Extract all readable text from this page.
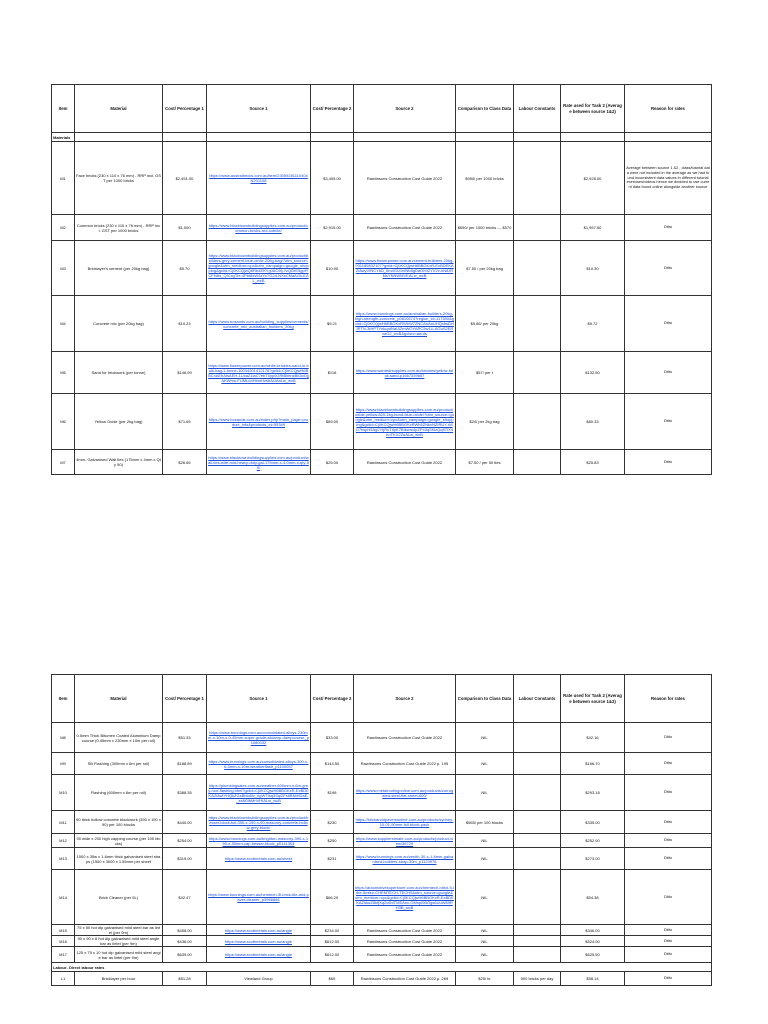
Item	Material	Cost/ Percentage 1	Source 1	Cost/ Percentage 2	Source 2	Comparison to Class Data	Labour Constants	Rate used for Task 2 (Average between source 1&2)	Reason for rates
Materials									
M1	Face bricks (230 x 110 x 76 mm) - RRP incl. GST per 1000 bricks	$2,451.00	https://www.australbricks.com.au/item/23059281110404N201108	$3,405.00	Rawlinsons Construction Cost Guide 2022	$950/ per 1000 bricks		$2,928.00	Average between source 1 &2 , class/tutorial data were not included in the average as we had found inconsistent data values in different tutorial exercises/videos hence we decided to use current data found online alongside another source
M2	Common bricks (230 x 110 x 76 mm) - RRP incl. GST per 1000 bricks	$1,000	https://www.blacktownbuildingsupplies.com.au/product/common-bricks-red-cobble/	$2,915.00	Rawlinsons Construction Cost Guide 2022	$650/ per 1000 bricks --- $570		$1,957.50	Ditto
M3	Bricklayer's cement (per 20kg bag)	$9.70	https://www.blacktownbuildingsupplies.com.au/product/builders-grey-cement-blue-circle-20kg-bag/?utm_source=google&utm_medium=cpc&utm_campaign=google_shopping&gclid=Cj0KCQjwQ6Rb4EKYgJAC9fj-7zQDrE5gpfYCFNAs_QICxgTIe-4Pbt8xW4zYc7G2d-NXsCMaAGk-EAL_wcB	$10.90	https://www.flowerpower.com.au/cement-builders-20kg-931180802107?gclid=Cj0KCQjwH6BBGKxR-EcBDEKAZiAwyVfNCYbD_6m4GU1nfNtdIgDaOh9ZYV2v-nN8JRMsYNNWMVEALw_wcB	$7.50 / per 20kg bag		$10.30	Ditto
M4	Concrete mix (per 20kg bag)	$10.23	https://www.bosands.com.au/building_supplies/cements/concrete_mix_australian_builders_20kg	$9.21	https://www.bunnings.com.au/australian-builders-20kg-high-strength-concrete_p0610674?region_id=117690&gclid=Cj0KCQjwH6BBGKxRWhW7ZNCAhAnUHQxbsDHJRTN-3tHPTYnkqotNaUlZmWOYARC5w1U-AGuS2ERvaO2_wcB&gclsrc=aw.ds	$5.86/ per 20kg		$9.72	Ditto
M5	Sand for brickwork (per tonne)	$146.99	https://www.flowerpower.com.au/white-brickies-sand-in-bulk-bag-1-tonne-10034201412178?gclid=Cj0KCQjwH6BBCxAEhAIsAEH-1UxaZ1iaC7ebT0yp0GRtBlmnkBiGicDjjAKWmu-FUMLd4HbmHzsbAUAaLw_wcB	$118	https://www.wantedrsupplies.com.au/brickies/yellow-brick-sand-p1667339687	$57/ per t		$132.50	Ditto
M6	Yellow Oxide (per 2kg bag)	$71.65	https://www.bosands.com.au/index.php?main_page=product_info&products_id=55349	$89.00	https://www.blacktownbuildingsupplies.com.au/product/oxide-yellow-820-1kg-bond-blue-oxide/?utm_source=google&utm_medium=cpc&utm_campaign=google_shopping&gclid=Cj0KCQjwH6BBGKxRWh5ZNkvNZIRUY-rMG7fwpH5Ag2YtjRuT6yK7Btkwm4pZP43qSf0zQq8TIX9hoTKX2ZoALw_wcB	$24/ per 2kg bag		$80.33	Ditto
M7	4mm- Galvanised Wall ties (175mm x 4mm x Qty 50)	$26.65	https://www.blacktownbuildingsupplies.com.au/product/wall-ties-wire-mid-heavy-duty-gal-175mm-x-4-0mm-x-qty-50/	$25.00	Rawlinsons Construction Cost Guide 2022	$7.50 / per 50 ties		$25.83	Ditto
Item	Material	Cost/ Percentage 1	Source 1	Cost/ Percentage 2	Source 2	Comparison to Class Data	Labour Constants	Rate used for Task 2 (Average between source 1&2)	Reason for rates
M8	0.5mm Thick Bitumen Coated Aluminium Dampcourse (0.45mm x 230mm x 10m per roll)	$51.33	https://www.bunnings.com.au/consolidated-alloys-230mm-x-10m-x-0-45mm-super-grade-alclamp-dampcourse_p1080032	$33.00	Rawlinsons Construction Cost Guide 2022	NIL		$42.16	Ditto
M9	SB Flashing (300mm x 6m per roll)	$188.89	https://www.bunnings.com.au/consolidated-alloys-300-x-6-0mm-x-10m-weatherflash_p1100057	$144.50	Rawlinsons Construction Cost Guide 2022 p. 195	NIL		$166.70	Ditto
M10	Flashing (600mm x 6m per roll)	$388.35	https://plumbingsales.com.au/weather-600mm-x-6m-grey-roof-flashing.html?gclid=Cj0KCQjwH6BBGKxR-EcBDEKAZiAwlYHQkZGsBblo6iv_ngWTtsq3Sqi2Fs6BNtHDaE-_zaN0IbMnVHIALw_wcB	$198	https://www.metalroofingonline.com.au/products/corrugated-steel-flat-sheet-600/	NIL		$293.18	Ditto
M11	90 thick hollow concrete blockwork (390 x 190 x 90) per 100 blocks	$440.00	https://www.blacktownbuildingsupplies.com.au/product/besser-block-full-390-x-190-x-90-masonry-concrete-hollow-grey-block/	$230	https://brickanddpaversonline.com.au/products/sydney-10-01-90mm-full-block-pack	$565/ per 100 blocks		$335.00	Ditto
M12	90 wide x 200 high capping course (per 100 blocks)	$254.00	https://www.bunnings.com.au/brighton-masonry-390-x-190-x-90mm-cap-besser-block_p0141304	$250	https://www.supplierstmate.com.au/products/product-view/36729	NIL		$252.00	Ditto
M13	1500 x 35w x 1.6mm thick galvanised steel straps (1500 x 3000 x 1.55mm per sheet	$315.00	https://www.scottmetals.com.au/sheet	$231	https://www.bunnings.com.au/zenith-30-x-1-8mm-galvanised-builders-strap-30m_p1123976	NIL		$273.00	Ditto
M14	Brick Cleaner (per 5L)	$42.47	https://www.bunnings.com.au/hemtech-5l-brick-tile-and-paver-cleaner_p3966846	$66.29	https://automotivesuperstore.com.au/chemtech-nitrol-5-litre-5mtec-CHEMTECH-TECH5&utm_source=google&utm_medium=cpc&gclid=Cj0KCQjwH6BBGKxR-EcBDEKAZiAwZ8bfjXq2c6hiTMEAnv-OMnpi0BOgs6UuW89RH3B_wcB	NIL		$54.38	Ditto
M15	75 x 50 hot dip galvanised mild steel bar as lintel (per 9m)	$458.00	https://www.scottmetals.com.au/angle	$234.00	Rawlinsons Construction Cost Guide 2022	NIL		$346.00	Ditto
M16	90 x 90 x 8 hot dip galvanised mild steel angle bar as lintel (per 9m)	$436.00	https://www.scottmetals.com.au/angle	$612.00	Rawlinsons Construction Cost Guide 2022	NIL		$524.00	Ditto
M17	125 x 75 x 10 hot dip galvanised mild steel angle bar as lintel (per 9m)	$639.00	https://www.scottmetals.com.au/angle	$612.00	Rawlinsons Construction Cost Guide 2022	NIL		$625.50	Ditto
Labour- Direct labour rates									
L1	Bricklayer per hour	$51.28	Viewland Group	$65	Rawlinsons Construction Cost Guide 2022 p. 269	$25/ hr	500 bricks per day	$58.14	Ditto
